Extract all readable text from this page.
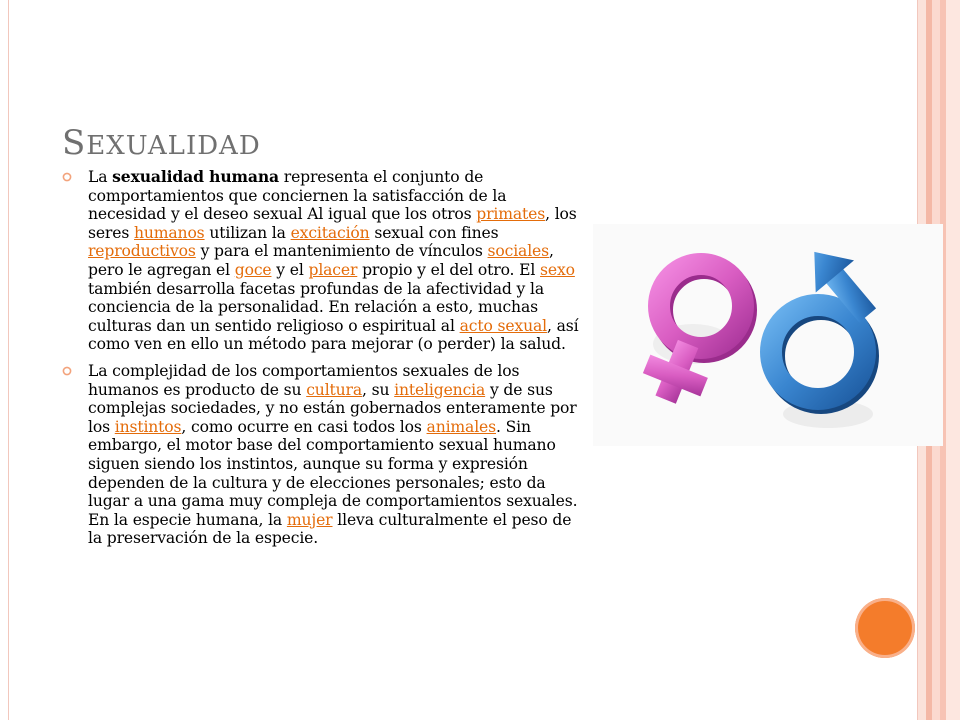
SEXUALIDAD
La sexualidad humana representa el conjunto de comportamientos que conciernen la satisfacción de la necesidad y el deseo sexual Al igual que los otros primates, los seres humanos utilizan la excitación sexual con fines reproductivos y para el mantenimiento de vínculos sociales, pero le agregan el goce y el placer propio y el del otro. El sexo también desarrolla facetas profundas de la afectividad y la conciencia de la personalidad. En relación a esto, muchas culturas dan un sentido religioso o espiritual al acto sexual, así como ven en ello un método para mejorar (o perder) la salud.
La complejidad de los comportamientos sexuales de los humanos es producto de su cultura, su inteligencia y de sus complejas sociedades, y no están gobernados enteramente por los instintos, como ocurre en casi todos los animales. Sin embargo, el motor base del comportamiento sexual humano siguen siendo los instintos, aunque su forma y expresión dependen de la cultura y de elecciones personales; esto da lugar a una gama muy compleja de comportamientos sexuales. En la especie humana, la mujer lleva culturalmente el peso de la preservación de la especie.
